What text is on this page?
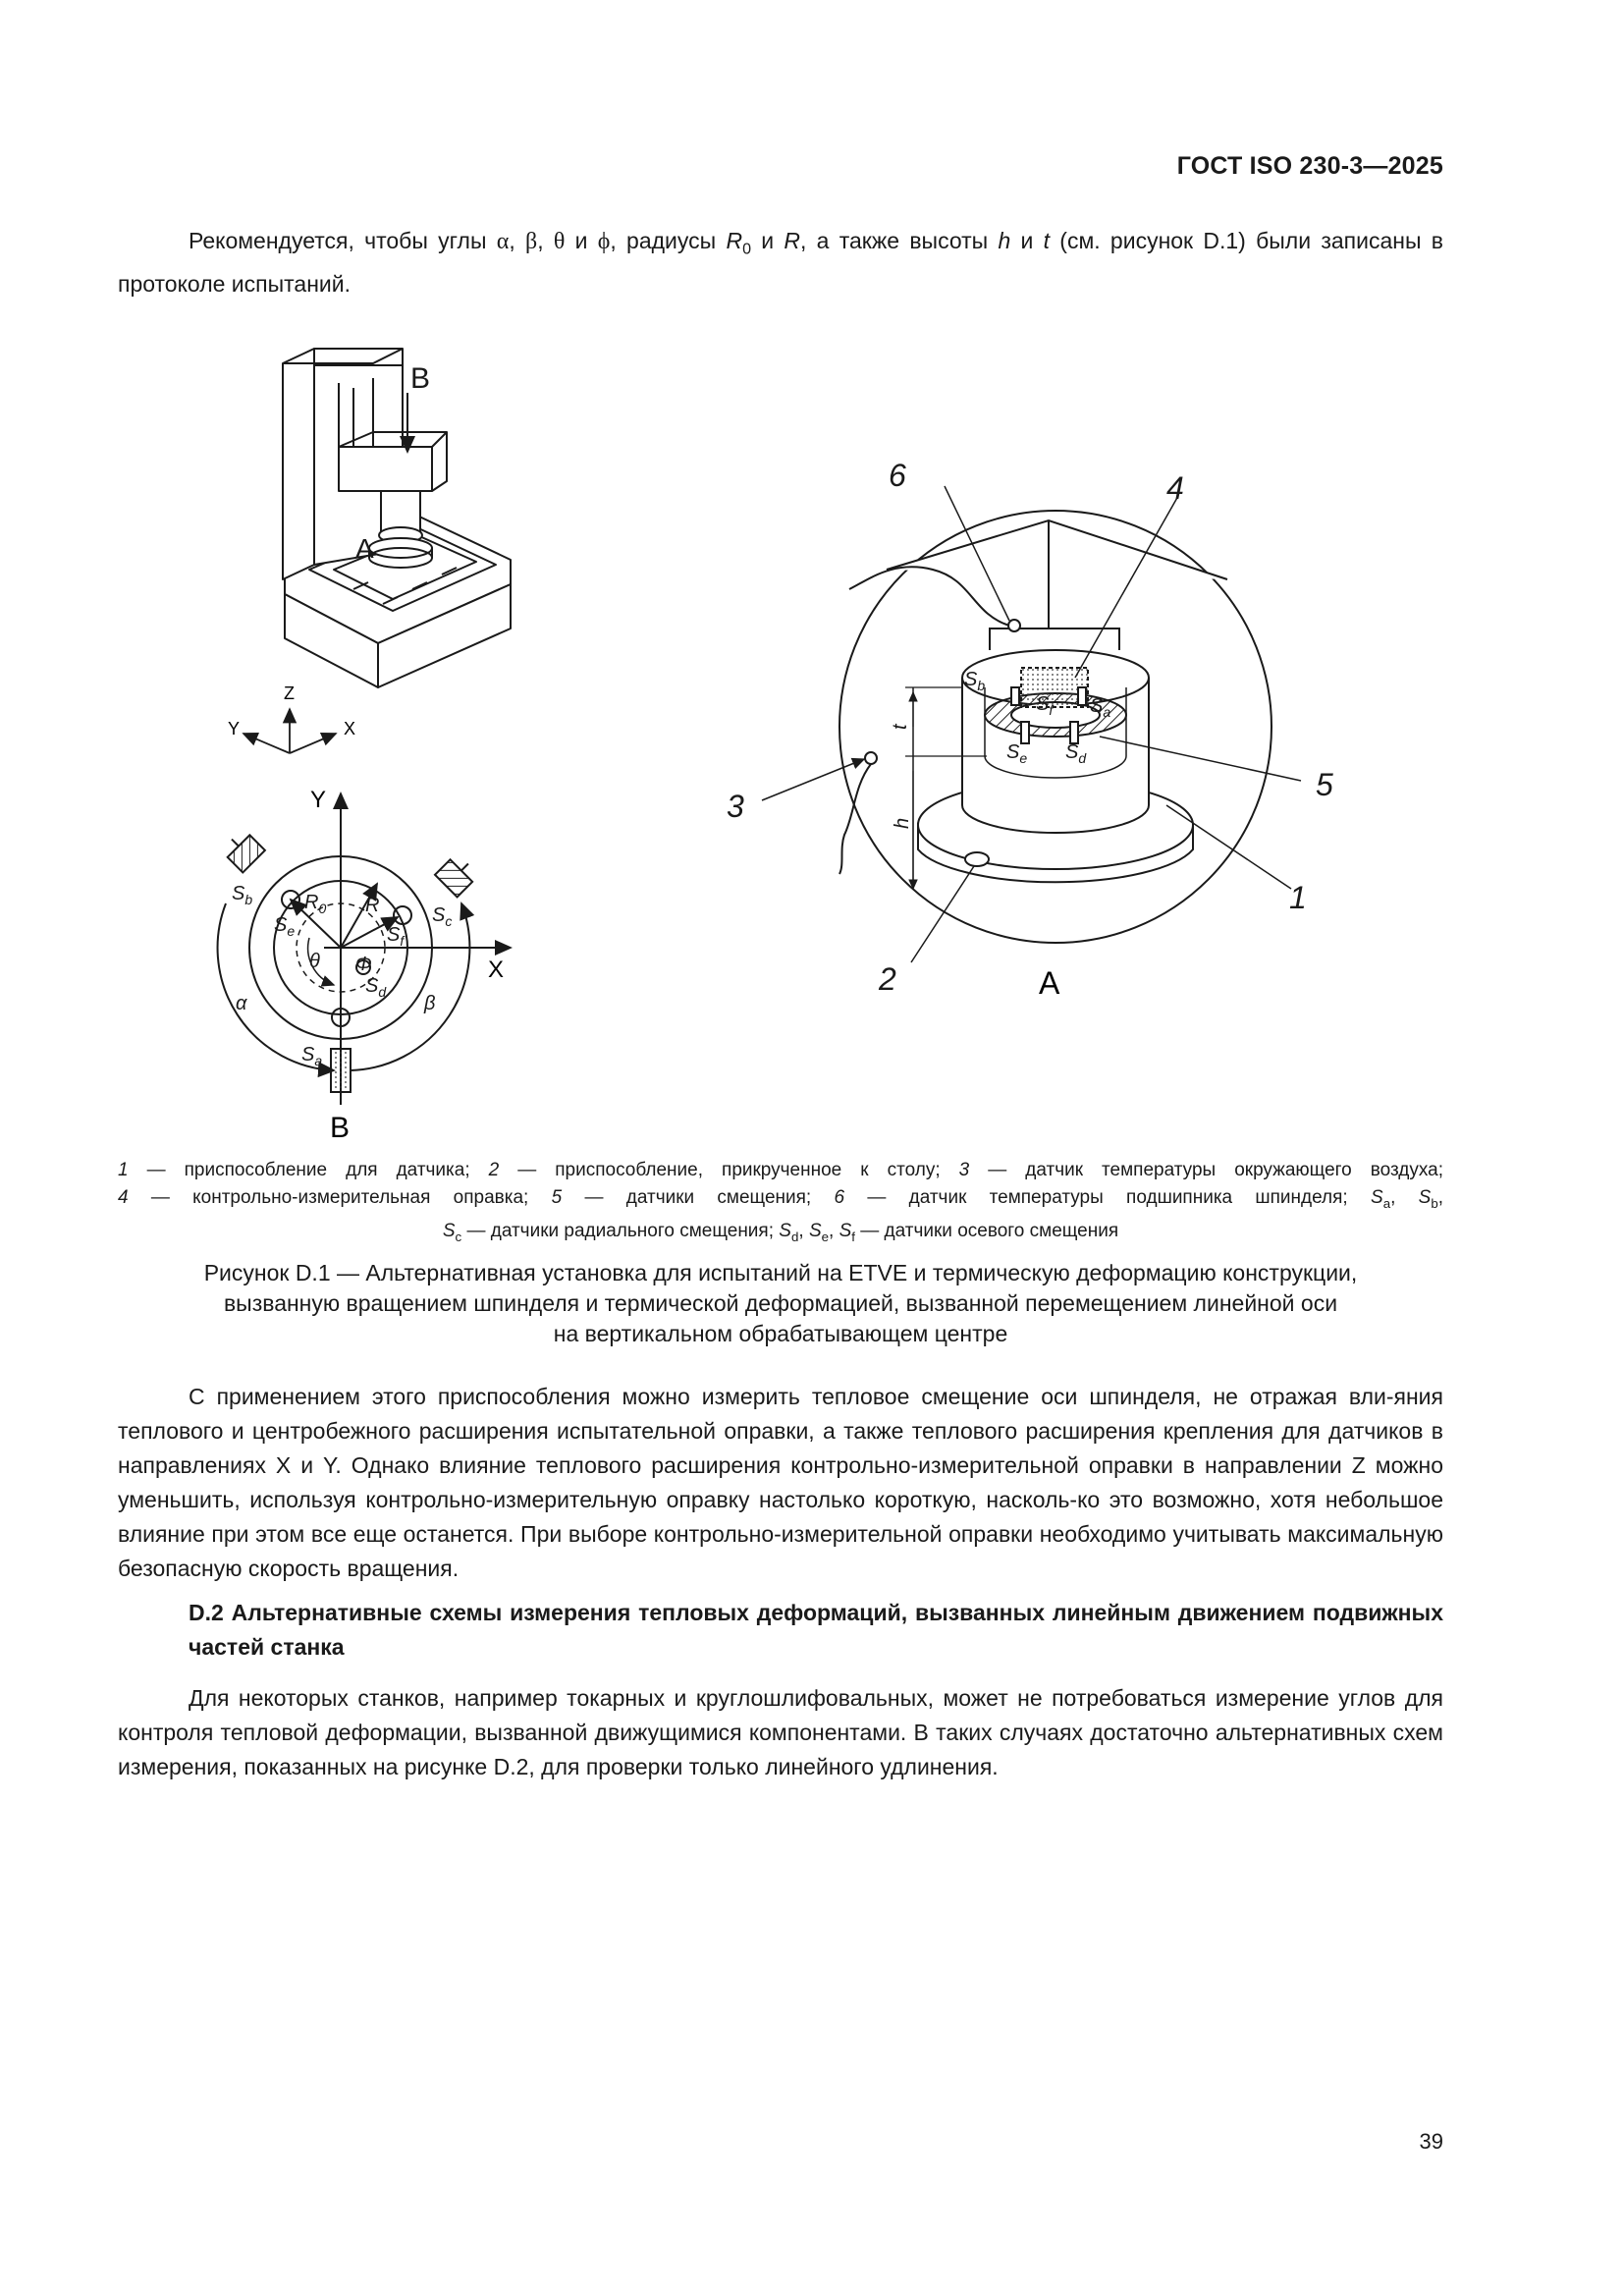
ГОСТ ISO 230-3—2025
Рекомендуется, чтобы углы α, β, θ и ϕ, радиусы $R_0$ и R, а также высоты h и t (см. рисунок D.1) были записаны в протоколе испытаний.
B
A
Z
Y	X
Y
X
B
$S_b$
$S_c$
$S_a$
$S_e$	$S_f$
$S_d$
$R_0$ R
α	β
θ Φ
6	4
3
5
1
2	A
h
t
$S_b$
$S_a$
$S_f$
$S_e$ $S_d$
1 — приспособление для датчика; 2 — приспособление, прикрученное к столу; 3 — датчик температуры окружающего воздуха;
4 — контрольно-измерительная оправка; 5 — датчики смещения; 6 — датчик температуры подшипника шпинделя; $S_a$, $S_b$,
$S_c$ — датчики радиального смещения; $S_d$, $S_e$, $S_f$ — датчики осевого смещения
Рисунок D.1 — Альтернативная установка для испытаний на ETVE и термическую деформацию конструкции,
вызванную вращением шпинделя и термической деформацией, вызванной перемещением линейной оси
на вертикальном обрабатывающем центре
С применением этого приспособления можно измерить тепловое смещение оси шпинделя, не отражая вли-яния теплового и центробежного расширения испытательной оправки, а также теплового расширения крепления для датчиков в направлениях X и Y. Однако влияние теплового расширения контрольно-измерительной оправки в направлении Z можно уменьшить, используя контрольно-измерительную оправку настолько короткую, насколь-ко это возможно, хотя небольшое влияние при этом все еще останется. При выборе контрольно-измерительной оправки необходимо учитывать максимальную безопасную скорость вращения.
D.2 Альтернативные схемы измерения тепловых деформаций, вызванных линейным движением подвижных частей станка
Для некоторых станков, например токарных и круглошлифовальных, может не потребоваться измерение углов для контроля тепловой деформации, вызванной движущимися компонентами. В таких случаях достаточно альтернативных схем измерения, показанных на рисунке D.2, для проверки только линейного удлинения.
39
